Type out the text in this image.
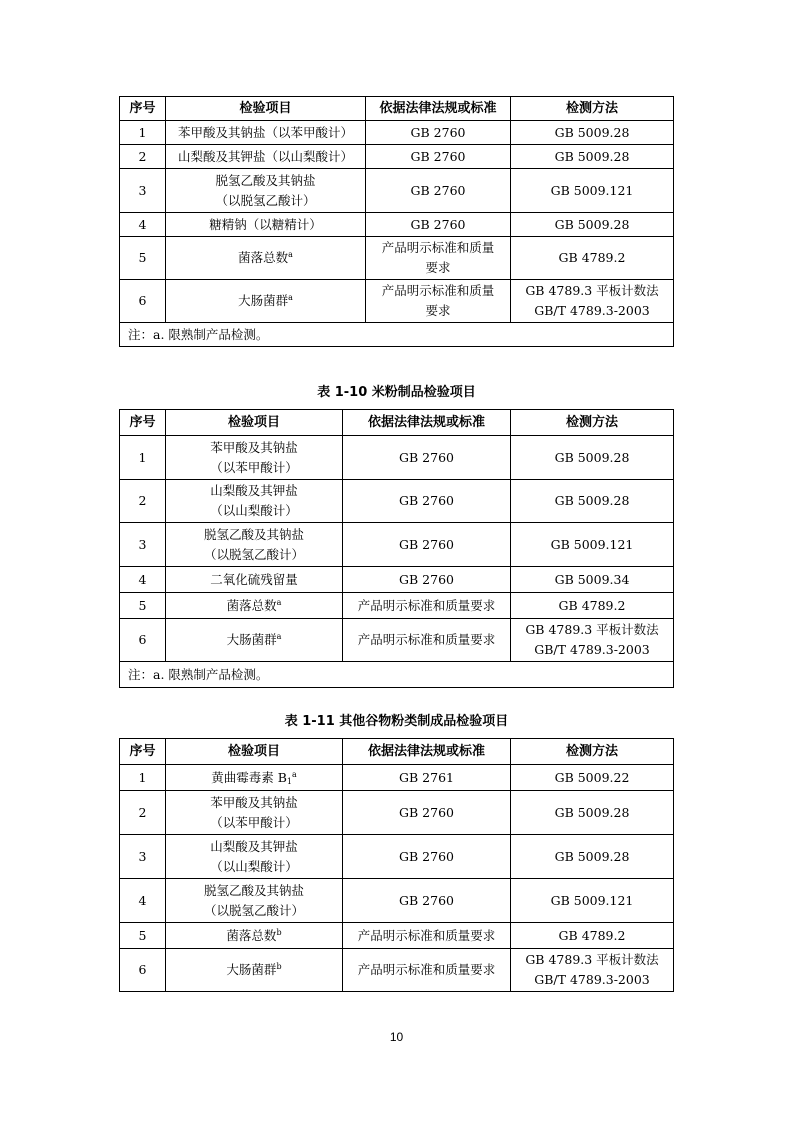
序号	检验项目	依据法律法规或标准	检测方法
1	苯甲酸及其钠盐（以苯甲酸计）	GB 2760	GB 5009.28

2	山梨酸及其钾盐（以山梨酸计）	GB 2760	GB 5009.28

3	脱氢乙酸及其钠盐
（以脱氢乙酸计）	GB 2760	GB 5009.121

4	糖精钠（以糖精计）	GB 2760	GB 5009.28

5	菌落总数$^a$	产品明示标准和质量
要求	GB 4789.2

6	大肠菌群$^a$	产品明示标准和质量
要求	GB 4789.3 平板计数法
GB/T 4789.3-2003

注：a. 限熟制产品检测。			
表 1-10 米粉制品检验项目
序号	检验项目	依据法律法规或标准	检测方法
1	苯甲酸及其钠盐
（以苯甲酸计）	GB 2760	GB 5009.28

2	山梨酸及其钾盐
（以山梨酸计）	GB 2760	GB 5009.28

3	脱氢乙酸及其钠盐
（以脱氢乙酸计）	GB 2760	GB 5009.121

4	二氧化硫残留量	GB 2760	GB 5009.34

5	菌落总数$^a$	产品明示标准和质量要求	GB 4789.2

6	大肠菌群$^a$	产品明示标准和质量要求	GB 4789.3 平板计数法
GB/T 4789.3-2003

注：a. 限熟制产品检测。			
表 1-11 其他谷物粉类制成品检验项目
序号	检验项目	依据法律法规或标准	检测方法
1	黄曲霉毒素 $B_1^a$	GB 2761	GB 5009.22

2	苯甲酸及其钠盐
（以苯甲酸计）	GB 2760	GB 5009.28

3	山梨酸及其钾盐
（以山梨酸计）	GB 2760	GB 5009.28

4	脱氢乙酸及其钠盐
（以脱氢乙酸计）	GB 2760	GB 5009.121

5	菌落总数$^b$	产品明示标准和质量要求	GB 4789.2

6	大肠菌群$^b$	产品明示标准和质量要求	GB 4789.3 平板计数法
GB/T 4789.3-2003
10
